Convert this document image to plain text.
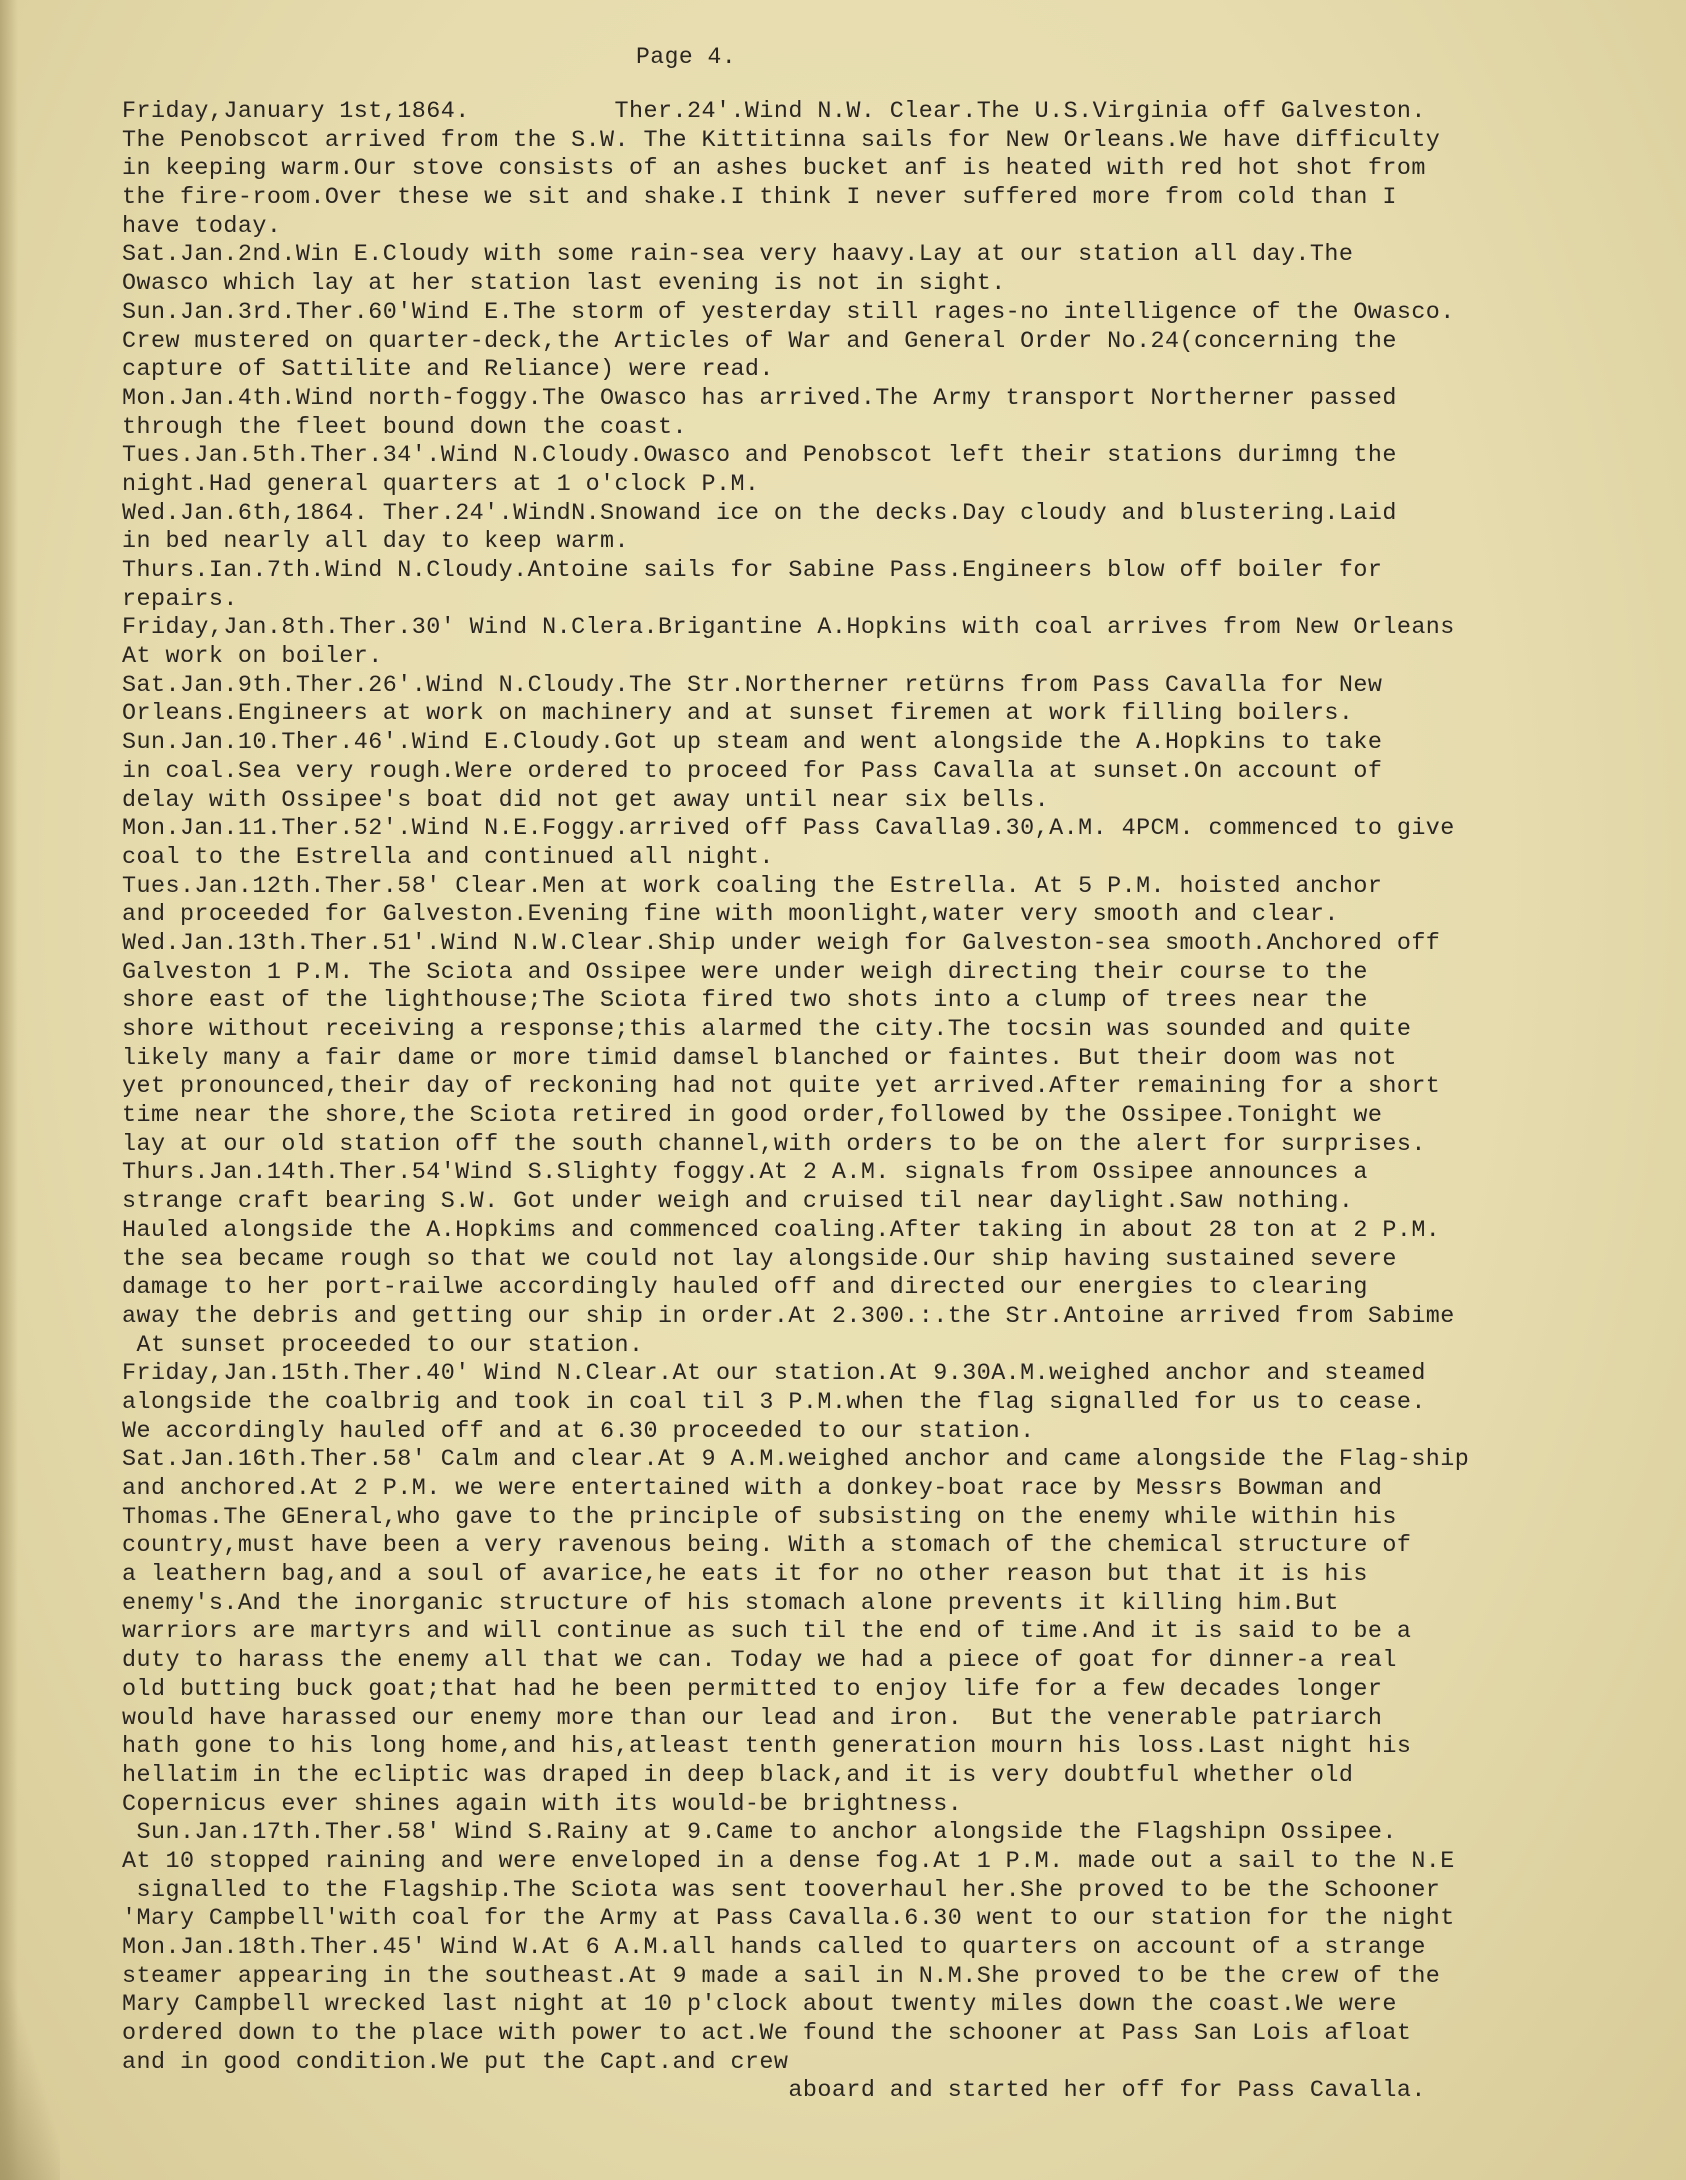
Page 4.
Friday,January 1st,1864.          Ther.24'.Wind N.W. Clear.The U.S.Virginia off Galveston.
The Penobscot arrived from the S.W. The Kittitinna sails for New Orleans.We have difficulty
in keeping warm.Our stove consists of an ashes bucket anf is heated with red hot shot from
the fire-room.Over these we sit and shake.I think I never suffered more from cold than I
have today.
Sat.Jan.2nd.Win E.Cloudy with some rain-sea very haavy.Lay at our station all day.The
Owasco which lay at her station last evening is not in sight.
Sun.Jan.3rd.Ther.60'Wind E.The storm of yesterday still rages-no intelligence of the Owasco.
Crew mustered on quarter-deck,the Articles of War and General Order No.24(concerning the
capture of Sattilite and Reliance) were read.
Mon.Jan.4th.Wind north-foggy.The Owasco has arrived.The Army transport Northerner passed
through the fleet bound down the coast.
Tues.Jan.5th.Ther.34'.Wind N.Cloudy.Owasco and Penobscot left their stations durimng the
night.Had general quarters at 1 o'clock P.M.
Wed.Jan.6th,1864. Ther.24'.WindN.Snowand ice on the decks.Day cloudy and blustering.Laid
in bed nearly all day to keep warm.
Thurs.Ian.7th.Wind N.Cloudy.Antoine sails for Sabine Pass.Engineers blow off boiler for
repairs.
Friday,Jan.8th.Ther.30' Wind N.Clera.Brigantine A.Hopkins with coal arrives from New Orleans
At work on boiler.
Sat.Jan.9th.Ther.26'.Wind N.Cloudy.The Str.Northerner retürns from Pass Cavalla for New
Orleans.Engineers at work on machinery and at sunset firemen at work filling boilers.
Sun.Jan.10.Ther.46'.Wind E.Cloudy.Got up steam and went alongside the A.Hopkins to take
in coal.Sea very rough.Were ordered to proceed for Pass Cavalla at sunset.On account of
delay with Ossipee's boat did not get away until near six bells.
Mon.Jan.11.Ther.52'.Wind N.E.Foggy.arrived off Pass Cavalla9.30,A.M. 4PCM. commenced to give
coal to the Estrella and continued all night.
Tues.Jan.12th.Ther.58' Clear.Men at work coaling the Estrella. At 5 P.M. hoisted anchor
and proceeded for Galveston.Evening fine with moonlight,water very smooth and clear.
Wed.Jan.13th.Ther.51'.Wind N.W.Clear.Ship under weigh for Galveston-sea smooth.Anchored off
Galveston 1 P.M. The Sciota and Ossipee were under weigh directing their course to the
shore east of the lighthouse;The Sciota fired two shots into a clump of trees near the
shore without receiving a response;this alarmed the city.The tocsin was sounded and quite
likely many a fair dame or more timid damsel blanched or faintes. But their doom was not
yet pronounced,their day of reckoning had not quite yet arrived.After remaining for a short
time near the shore,the Sciota retired in good order,followed by the Ossipee.Tonight we
lay at our old station off the south channel,with orders to be on the alert for surprises.
Thurs.Jan.14th.Ther.54'Wind S.Slighty foggy.At 2 A.M. signals from Ossipee announces a
strange craft bearing S.W. Got under weigh and cruised til near daylight.Saw nothing.
Hauled alongside the A.Hopkims and commenced coaling.After taking in about 28 ton at 2 P.M.
the sea became rough so that we could not lay alongside.Our ship having sustained severe
damage to her port-railwe accordingly hauled off and directed our energies to clearing
away the debris and getting our ship in order.At 2.300.:.the Str.Antoine arrived from Sabime
At sunset proceeded to our station.
Friday,Jan.15th.Ther.40' Wind N.Clear.At our station.At 9.30A.M.weighed anchor and steamed
alongside the coalbrig and took in coal til 3 P.M.when the flag signalled for us to cease.
We accordingly hauled off and at 6.30 proceeded to our station.
Sat.Jan.16th.Ther.58' Calm and clear.At 9 A.M.weighed anchor and came alongside the Flag-ship
and anchored.At 2 P.M. we were entertained with a donkey-boat race by Messrs Bowman and
Thomas.The GEneral,who gave to the principle of subsisting on the enemy while within his
country,must have been a very ravenous being. With a stomach of the chemical structure of
a leathern bag,and a soul of avarice,he eats it for no other reason but that it is his
enemy's.And the inorganic structure of his stomach alone prevents it killing him.But
warriors are martyrs and will continue as such til the end of time.And it is said to be a
duty to harass the enemy all that we can. Today we had a piece of goat for dinner-a real
old butting buck goat;that had he been permitted to enjoy life for a few decades longer
would have harassed our enemy more than our lead and iron.  But the venerable patriarch
hath gone to his long home,and his,atleast tenth generation mourn his loss.Last night his
hellatim in the ecliptic was draped in deep black,and it is very doubtful whether old
Copernicus ever shines again with its would-be brightness.
Sun.Jan.17th.Ther.58' Wind S.Rainy at 9.Came to anchor alongside the Flagshipn Ossipee.
At 10 stopped raining and were enveloped in a dense fog.At 1 P.M. made out a sail to the N.E
signalled to the Flagship.The Sciota was sent tooverhaul her.She proved to be the Schooner
'Mary Campbell'with coal for the Army at Pass Cavalla.6.30 went to our station for the night
Mon.Jan.18th.Ther.45' Wind W.At 6 A.M.all hands called to quarters on account of a strange
steamer appearing in the southeast.At 9 made a sail in N.M.She proved to be the crew of the
Mary Campbell wrecked last night at 10 p'clock about twenty miles down the coast.We were
ordered down to the place with power to act.We found the schooner at Pass San Lois afloat
and in good condition.We put the Capt.and crew
aboard and started her off for Pass Cavalla.
